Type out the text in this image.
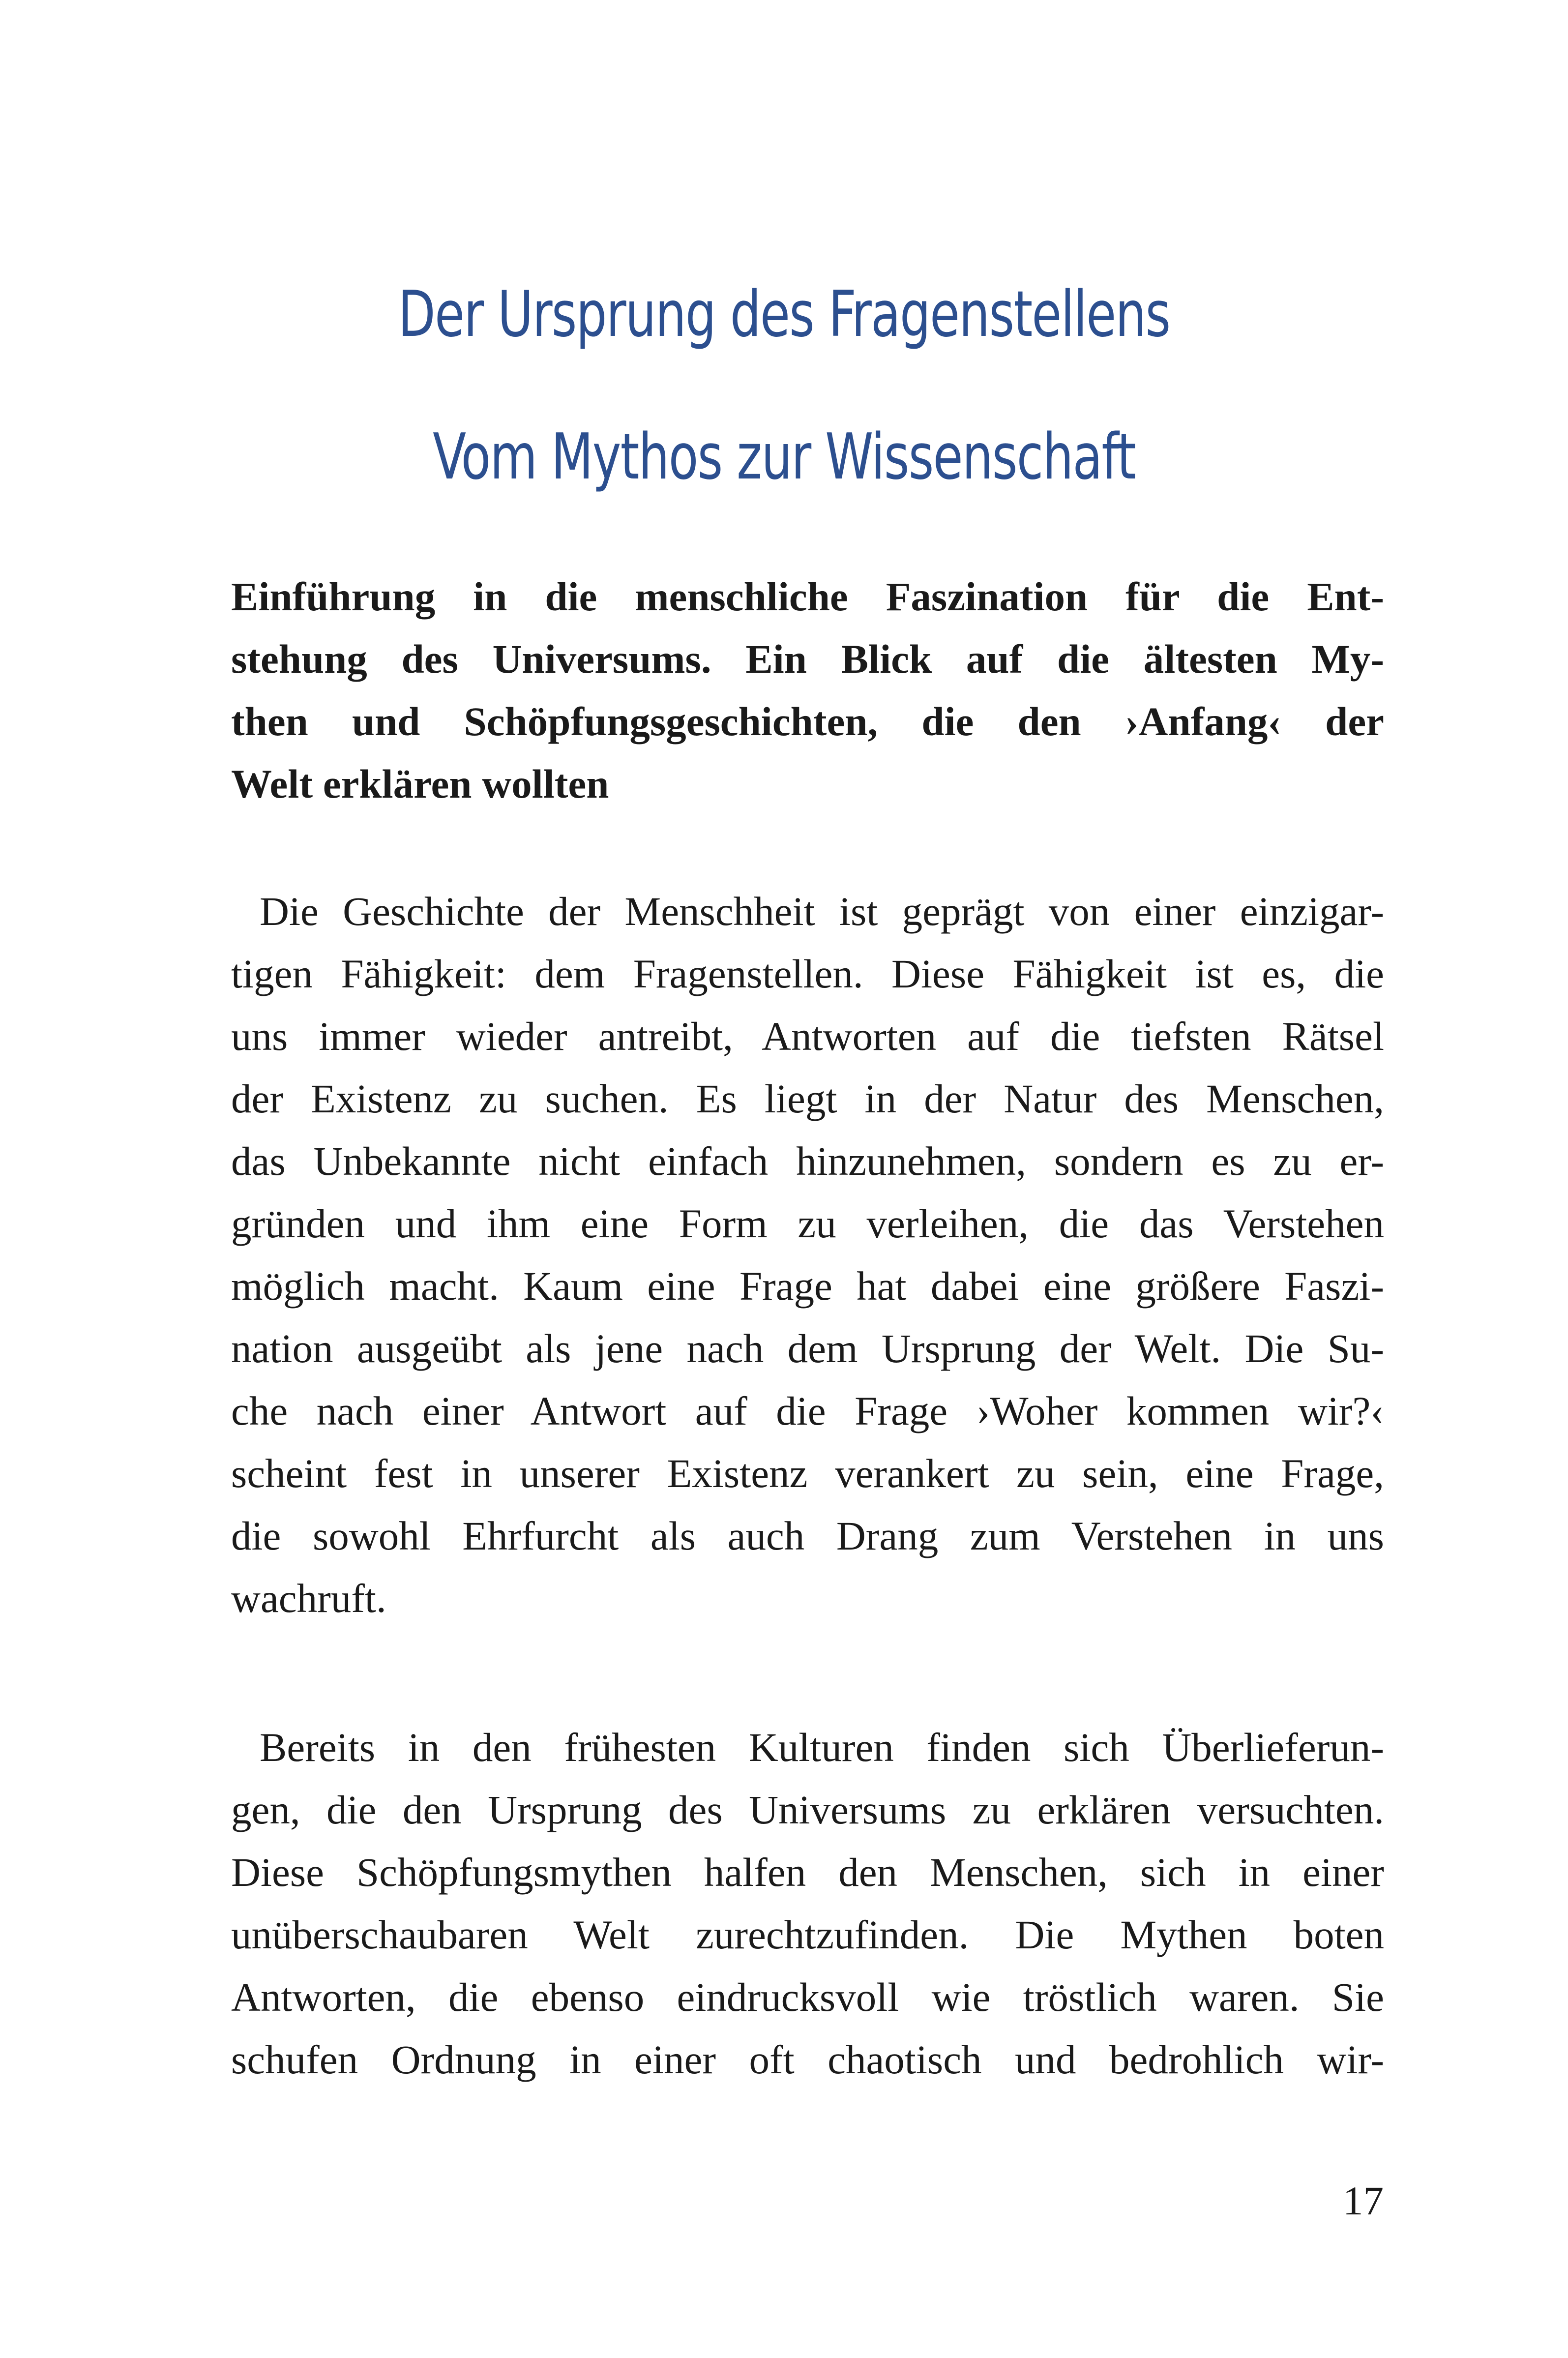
Der Ursprung des Fragenstellens
Vom Mythos zur Wissenschaft
Einführung in die menschliche Faszination für die Ent-
stehung des Universums. Ein Blick auf die ältesten My-
then und Schöpfungsgeschichten, die den ›Anfang‹ der
Welt erklären wollten
Die Geschichte der Menschheit ist geprägt von einer einzigar-
tigen Fähigkeit: dem Fragenstellen. Diese Fähigkeit ist es, die
uns immer wieder antreibt, Antworten auf die tiefsten Rätsel
der Existenz zu suchen. Es liegt in der Natur des Menschen,
das Unbekannte nicht einfach hinzunehmen, sondern es zu er-
gründen und ihm eine Form zu verleihen, die das Verstehen
möglich macht. Kaum eine Frage hat dabei eine größere Faszi-
nation ausgeübt als jene nach dem Ursprung der Welt. Die Su-
che nach einer Antwort auf die Frage ›Woher kommen wir?‹
scheint fest in unserer Existenz verankert zu sein, eine Frage,
die sowohl Ehrfurcht als auch Drang zum Verstehen in uns
wachruft.
Bereits in den frühesten Kulturen finden sich Überlieferun-
gen, die den Ursprung des Universums zu erklären versuchten.
Diese Schöpfungsmythen halfen den Menschen, sich in einer
unüberschaubaren Welt zurechtzufinden. Die Mythen boten
Antworten, die ebenso eindrucksvoll wie tröstlich waren. Sie
schufen Ordnung in einer oft chaotisch und bedrohlich wir-
17
